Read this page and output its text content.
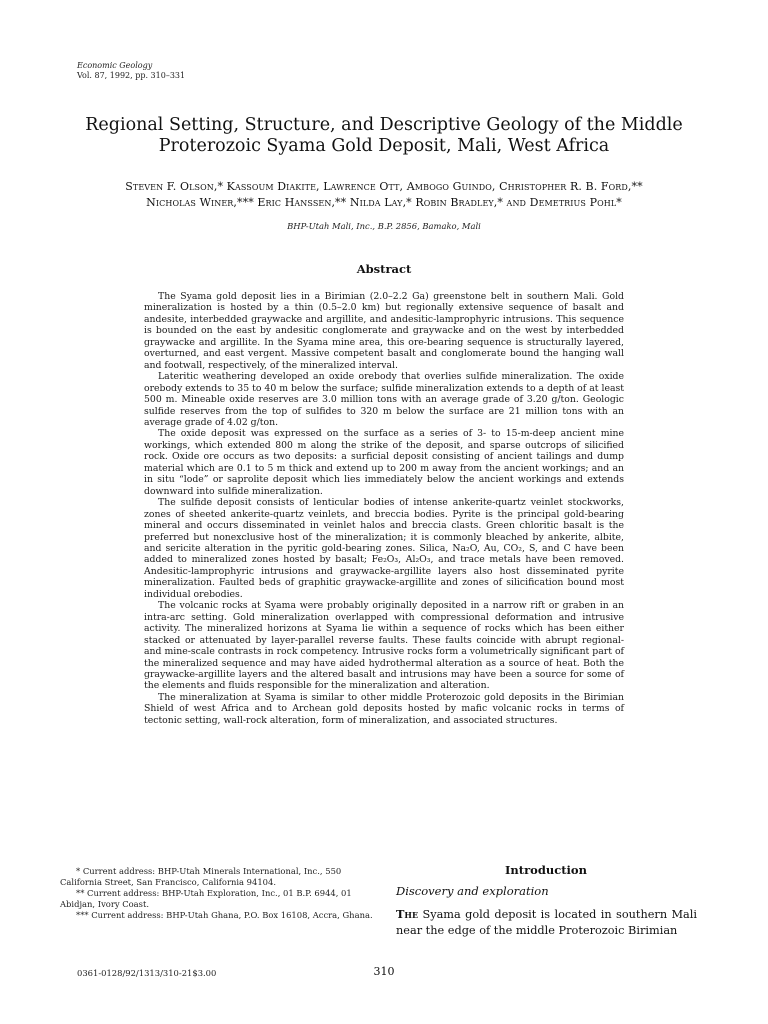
Economic Geology
Vol. 87, 1992, pp. 310–331
Regional Setting, Structure, and Descriptive Geology of the Middle
Proterozoic Syama Gold Deposit, Mali, West Africa
Steven F. Olson,* Kassoum Diakite, Lawrence Ott, Ambogo Guindo, Christopher R. B. Ford,**
Nicholas Winer,*** Eric Hanssen,** Nilda Lay,* Robin Bradley,* and Demetrius Pohl*
BHP-Utah Mali, Inc., B.P. 2856, Bamako, Mali
Abstract

The Syama gold deposit lies in a Birimian (2.0–2.2 Ga) greenstone belt in southern Mali. Gold mineralization is hosted by a thin (0.5–2.0 km) but regionally extensive sequence of basalt and andesite, interbedded graywacke and argillite, and andesitic-lamprophyric intrusions. This sequence is bounded on the east by andesitic conglomerate and graywacke and on the west by interbedded graywacke and argillite. In the Syama mine area, this ore-bearing sequence is structurally layered, overturned, and east vergent. Massive competent basalt and conglomerate bound the hanging wall and footwall, respectively, of the mineralized interval.

Lateritic weathering developed an oxide orebody that overlies sulfide mineralization. The oxide orebody extends to 35 to 40 m below the surface; sulfide mineralization extends to a depth of at least 500 m. Mineable oxide reserves are 3.0 million tons with an average grade of 3.20 g/ton. Geologic sulfide reserves from the top of sulfides to 320 m below the surface are 21 million tons with an average grade of 4.02 g/ton.

The oxide deposit was expressed on the surface as a series of 3- to 15-m-deep ancient mine workings, which extended 800 m along the strike of the deposit, and sparse outcrops of silicified rock. Oxide ore occurs as two deposits: a surficial deposit consisting of ancient tailings and dump material which are 0.1 to 5 m thick and extend up to 200 m away from the ancient workings; and an in situ “lode” or saprolite deposit which lies immediately below the ancient workings and extends downward into sulfide mineralization.

The sulfide deposit consists of lenticular bodies of intense ankerite-quartz veinlet stockworks, zones of sheeted ankerite-quartz veinlets, and breccia bodies. Pyrite is the principal gold-bearing mineral and occurs disseminated in veinlet halos and breccia clasts. Green chloritic basalt is the preferred but nonexclusive host of the mineralization; it is commonly bleached by ankerite, albite, and sericite alteration in the pyritic gold-bearing zones. Silica, Na₂O, Au, CO₂, S, and C have been added to mineralized zones hosted by basalt; Fe₂O₃, Al₂O₃, and trace metals have been removed. Andesitic-lamprophyric intrusions and graywacke-argillite layers also host disseminated pyrite mineralization. Faulted beds of graphitic graywacke-argillite and zones of silicification bound most individual orebodies.

The volcanic rocks at Syama were probably originally deposited in a narrow rift or graben in an intra-arc setting. Gold mineralization overlapped with compressional deformation and intrusive activity. The mineralized horizons at Syama lie within a sequence of rocks which has been either stacked or attenuated by layer-parallel reverse faults. These faults coincide with abrupt regional- and mine-scale contrasts in rock competency. Intrusive rocks form a volumetrically significant part of the mineralized sequence and may have aided hydrothermal alteration as a source of heat. Both the graywacke-argillite layers and the altered basalt and intrusions may have been a source for some of the elements and fluids responsible for the mineralization and alteration.

The mineralization at Syama is similar to other middle Proterozoic gold deposits in the Birimian Shield of west Africa and to Archean gold deposits hosted by mafic volcanic rocks in terms of tectonic setting, wall-rock alteration, form of mineralization, and associated structures.

* Current address: BHP-Utah Minerals International, Inc., 550 California Street, San Francisco, California 94104.

** Current address: BHP-Utah Exploration, Inc., 01 B.P. 6944, 01 Abidjan, Ivory Coast.

*** Current address: BHP-Utah Ghana, P.O. Box 16108, Accra, Ghana.

Introduction
Discovery and exploration
The Syama gold deposit is located in southern Mali near the edge of the middle Proterozoic Birimian
0361-0128/92/1313/310-21$3.00	310
